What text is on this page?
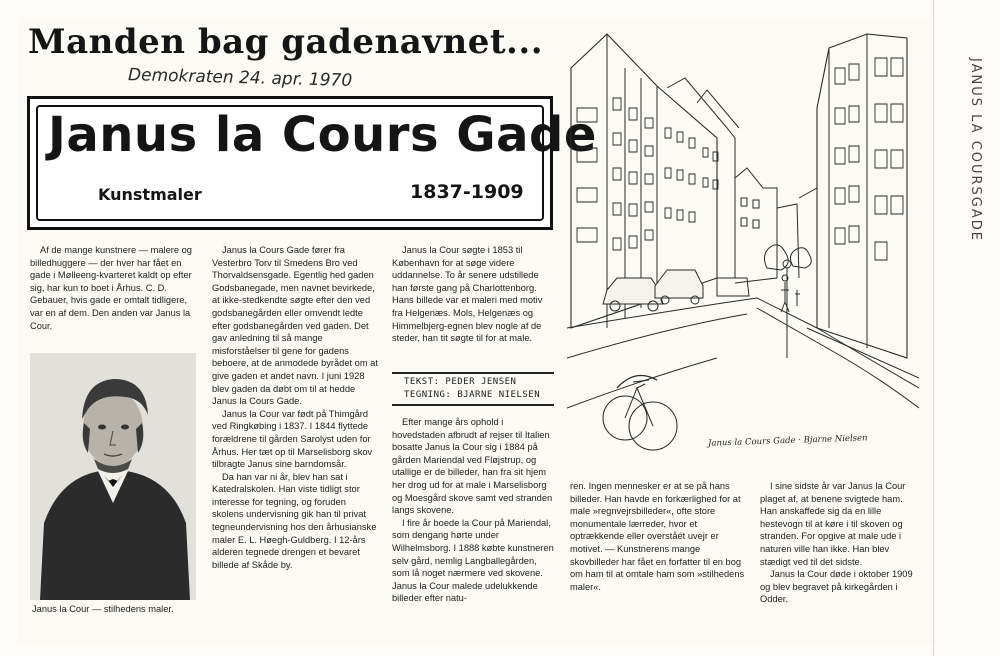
Manden bag gadenavnet...
Demokraten 24. apr. 1970
Janus la Cours Gade
Kunstmaler	1837-1909

Af de mange kunstnere — malere og billedhuggere — der hver har fået en gade i Mølleeng-kvarteret kaldt op efter sig, har kun to boet i Århus. C. D. Gebauer, hvis gade er omtalt tidligere, var en af dem. Den anden var Janus la Cour.

Janus la Cour — stilhedens maler.

Janus la Cours Gade fører fra Vesterbro Torv til Smedens Bro ved Thorvaldsensgade. Egentlig hed gaden Godsbanegade, men navnet bevirkede, at ikke-stedkendte søgte efter den ved godsbanegården eller omvendt ledte efter godsbanegården ved gaden. Det gav anledning til så mange misforståelser til gene for gadens beboere, at de anmodede byrådet om at give gaden et andet navn. I juni 1928 blev gaden da døbt om til at hedde Janus la Cours Gade.

Janus la Cour var født på Thimgård ved Ringkøbing i 1837. I 1844 flyttede forældrene til gården Sarolyst uden for Århus. Her tæt op til Marselisborg skov tilbragte Janus sine barndomsår.

Da han var ni år, blev han sat i Katedralskolen. Han viste tidligt stor interesse for tegning, og foruden skolens undervisning gik han til privat tegneundervisning hos den århusianske maler E. L. Høegh-Guldberg. I 12-års alderen tegnede drengen et bevaret billede af Skåde by.

Janus la Cour søgte i 1853 til København for at søge videre uddannelse. To år senere udstillede han første gang på Charlottenborg. Hans billede var et maleri med motiv fra Helgenæs. Mols, Helgenæs og Himmelbjerg-egnen blev nogle af de steder, han tit søgte til for at male.

TEKST: PEDER JENSEN
TEGNING: BJARNE NIELSEN

Efter mange års ophold i hovedstaden afbrudt af rejser til Italien bosatte Janus la Cour sig i 1884 på gården Mariendal ved Fløjstrup, og utallige er de billeder, han fra sit hjem her drog ud for at male i Marselisborg og Moesgård skove samt ved stranden langs skovene.

I fire år boede la Cour på Mariendal, som dengang hørte under Wilhelmsborg. I 1888 købte kunstneren selv gård, nemlig Langballegården, som lå noget nærmere ved skovene. Janus la Cour malede udelukkende billeder efter natu-

Janus la Cours Gade · Bjarne Nielsen

ren. Ingen mennesker er at se på hans billeder. Han havde en forkærlighed for at male »regnvejrsbilleder«, ofte store monumentale lærreder, hvor et optrækkende eller overståét uvejr er motivet. — Kunstnerens mange skovbilleder har fået en forfatter til en bog om ham til at omtale ham som »stilhedens maler«.

I sine sidste år var Janus la Cour plaget af, at benene svigtede ham. Han anskaffede sig da en lille hestevogn til at køre i til skoven og stranden. For opgive at male ude i naturen ville han ikke. Han blev stædigt ved til det sidste.

Janus la Cour døde i oktober 1909 og blev begravet på kirkegården i Odder.

JANUS LA COURSGADE
